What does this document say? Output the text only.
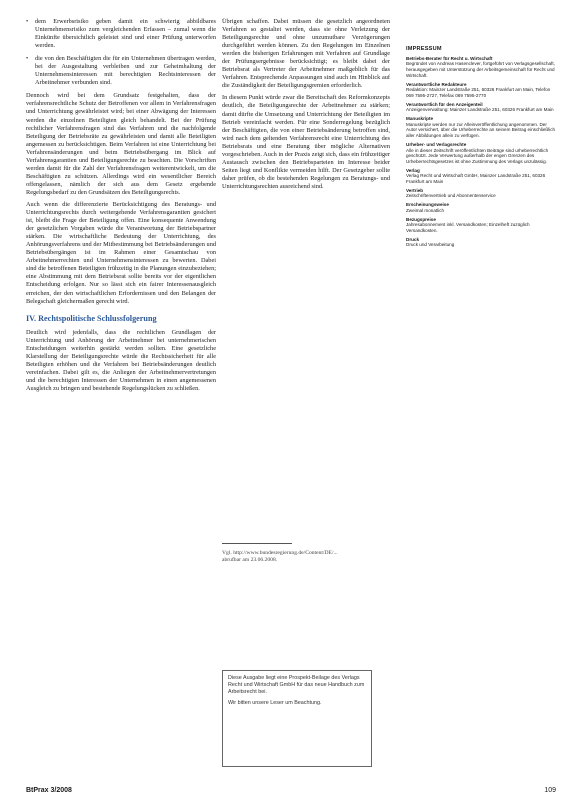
• dem Erwerbsrisiko geben damit ein schwierig abbildbares Unternehmensrisiko zum vergleichenden Erfassen – zumal wenn die Einkünfte übersichtlich geleistet sind und einer Prüfung unterworfen werden.
• die von den Beschäftigten die für ein Unternehmen übertragen werden, bei der Ausgestaltung verbleiben und zur Geheimhaltung der Unternehmensinteressen mit berechtigten Rechtsinteressen der Arbeitnehmer verbunden sind.

Dennoch wird bei dem Grundsatz festgehalten, dass der verfahrensrechtliche Schutz der Betroffenen vor allem in Verfahrensfragen und Unterrichtung gewährleistet wird; bei einer Abwägung der Interessen werden die einzelnen Beteiligten gleich behandelt. Bei der Prüfung rechtlicher Verfahrensfragen sind das Verfahren und die nachfolgende Beteiligung der Betriebsräte zu gewährleisten und damit alle Beteiligten angemessen zu berücksichtigen. Beim Verfahren ist eine Unterrichtung bei Verfahrensänderungen und beim Betriebsübergang im Blick auf Verfahrensgarantien und Beteiligungsrechte zu beachten. Die Vorschriften werden damit für die Zahl der Verfahrensfragen weiterentwickelt, um die Beschäftigten zu schützen. Allerdings wird ein wesentlicher Bereich offengelassen, nämlich der sich aus dem Gesetz ergebende Regelungsbedarf zu den Grundsätzen des Beteiligungsrechts.

Auch wenn die differenzierte Berücksichtigung des Beratungs- und Unterrichtungsrechts durch weitergehende Verfahrensgarantien gesichert ist, bleibt die Frage der Beteiligung offen. Eine konsequente Anwendung der gesetzlichen Vorgaben würde die Verantwortung der Betriebspartner stärken. Die wirtschaftliche Bedeutung der Unterrichtung, des Anhörungsverfahrens und der Mitbestimmung bei Betriebsänderungen und Betriebsübergängen ist im Rahmen einer Gesamtschau von Arbeitnehmerrechten und Unternehmensinteressen zu bewerten. Dabei sind die betroffenen Beteiligten frühzeitig in die Planungen einzubeziehen; eine Abstimmung mit dem Betriebsrat sollte bereits vor der eigentlichen Entscheidung erfolgen. Nur so lässt sich ein fairer Interessenausgleich erreichen, der den wirtschaftlichen Erfordernissen und den Belangen der Belegschaft gleichermaßen gerecht wird.

IV. Rechtspolitische Schlussfolgerung

Deutlich wird jedenfalls, dass die rechtlichen Grundlagen der Unterrichtung und Anhörung der Arbeitnehmer bei unternehmerischen Entscheidungen weiterhin gestärkt werden sollten. Eine gesetzliche Klarstellung der Beteiligungsrechte würde die Rechtssicherheit für alle Beteiligten erhöhen und die Verfahren bei Betriebsänderungen deutlich vereinfachen. Dabei gilt es, die Anliegen der Arbeitnehmervertretungen und die berechtigten Interessen der Unternehmen in einen angemessenen Ausgleich zu bringen und bestehende Regelungslücken zu schließen.

Übrigen schaffen. Dabei müssen die gesetzlich angeordneten Verfahren so gestaltet werden, dass sie ohne Verletzung der Beteiligungsrechte und ohne unzumutbare Verzögerungen durchgeführt werden können. Zu den Regelungen im Einzelnen werden die bisherigen Erfahrungen mit Verfahren auf Grundlage der Prüfungsergebnisse berücksichtigt; es bleibt dabei der Betriebsrat als Vertreter der Arbeitnehmer maßgeblich für das Verfahren. Entsprechende Anpassungen sind auch im Hinblick auf die Zuständigkeit der Beteiligungsgremien erforderlich.

In diesem Punkt würde zwar die Bereitschaft des Reformkonzepts deutlich, die Beteiligungsrechte der Arbeitnehmer zu stärken; damit dürfte die Umsetzung und Unterrichtung der Beteiligten im Betrieb vereinfacht werden. Für eine Sonderregelung bezüglich der Beschäftigten, die von einer Betriebsänderung betroffen sind, wird nach dem geltenden Verfahrensrecht eine Unterrichtung des Betriebsrats und eine Beratung über mögliche Alternativen vorgeschrieben. Auch in der Praxis zeigt sich, dass ein frühzeitiger Austausch zwischen den Betriebsparteien im Interesse beider Seiten liegt und Konflikte vermeiden hilft. Der Gesetzgeber sollte daher prüfen, ob die bestehenden Regelungen zu Beratungs- und Unterrichtungsrechten ausreichend sind.

Vgl. http://www.bundesregierung.de/Content/DE/...
abrufbar am 23.06.2008.

Diese Ausgabe liegt eine Prospekt-Beilage des Verlags Recht und Wirtschaft GmbH für das neue Handbuch zum Arbeitsrecht bei.

Wir bitten unsere Leser um Beachtung.

IMPRESSUM
Betriebs-Berater für Recht u. Wirtschaft
Begründet von Andreas Hasenclever, fortgeführt von Verlagsgesellschaft, herausgegeben mit Unterstützung der Arbeitsgemeinschaft für Recht und Wirtschaft.
Verantwortliche Redakteure
Redaktion: Mainzer Landstraße 251, 60326 Frankfurt am Main, Telefon 069 7595-2727, Telefax 069 7595-2770
Verantwortlich für den Anzeigenteil
Anzeigenverwaltung: Mainzer Landstraße 251, 60326 Frankfurt am Main
Manuskripte
Manuskripte werden nur zur Alleinveröffentlichung angenommen. Der Autor versichert, über die Urheberrechte an seinem Beitrag einschließlich aller Abbildungen allein zu verfügen.
Urheber- und Verlagsrechte
Alle in dieser Zeitschrift veröffentlichten Beiträge sind urheberrechtlich geschützt. Jede Verwertung außerhalb der engen Grenzen des Urheberrechtsgesetzes ist ohne Zustimmung des Verlags unzulässig.
Verlag
Verlag Recht und Wirtschaft GmbH, Mainzer Landstraße 251, 60326 Frankfurt am Main
Vertrieb
Zeitschriftenvertrieb und Abonnentenservice
Erscheinungsweise
Zweimal monatlich
Bezugspreise
Jahresabonnement inkl. Versandkosten; Einzelheft zuzüglich Versandkosten.
Druck
Druck und Verarbeitung
BtPrax 3/2008	109
